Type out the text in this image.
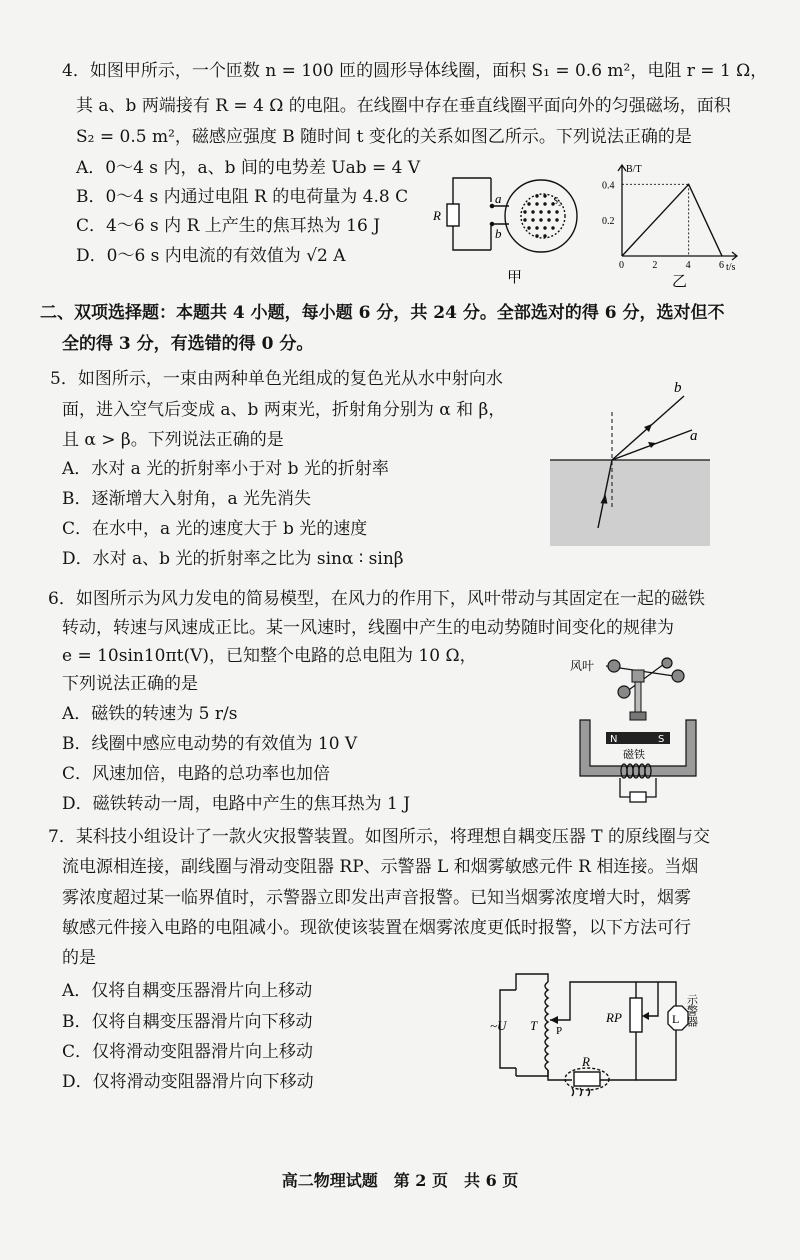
4．如图甲所示，一个匝数 n = 100 匝的圆形导体线圈，面积 S₁ = 0.6 m²，电阻 r = 1 Ω，
其 a、b 两端接有 R = 4 Ω 的电阻。在线圈中存在垂直线圈平面向外的匀强磁场，面积
S₂ = 0.5 m²，磁感应强度 B 随时间 t 变化的关系如图乙所示。下列说法正确的是
A．0～4 s 内，a、b 间的电势差 Uab = 4 V
B．0～4 s 内通过电阻 R 的电荷量为 4.8 C
C．4～6 s 内 R 上产生的焦耳热为 16 J
D．0～6 s 内电流的有效值为 √2 A
R
a
b
S₂
甲
B/T
t/s
0.4
0.2
0	2	4	6
乙
二、双项选择题：本题共 4 小题，每小题 6 分，共 24 分。全部选对的得 6 分，选对但不
全的得 3 分，有选错的得 0 分。
5．如图所示，一束由两种单色光组成的复色光从水中射向水
面，进入空气后变成 a、b 两束光，折射角分别为 α 和 β，
且 α > β。下列说法正确的是
A．水对 a 光的折射率小于对 b 光的折射率
B．逐渐增大入射角，a 光先消失
C．在水中，a 光的速度大于 b 光的速度
D．水对 a、b 光的折射率之比为 sinα ∶ sinβ
b
a
6．如图所示为风力发电的简易模型，在风力的作用下，风叶带动与其固定在一起的磁铁
转动，转速与风速成正比。某一风速时，线圈中产生的电动势随时间变化的规律为
e = 10sin10πt(V)，已知整个电路的总电阻为 10 Ω，
下列说法正确的是
A．磁铁的转速为 5 r/s
B．线圈中感应电动势的有效值为 10 V
C．风速加倍，电路的总功率也加倍
D．磁铁转动一周，电路中产生的焦耳热为 1 J
风叶
N	S
磁铁
7．某科技小组设计了一款火灾报警装置。如图所示，将理想自耦变压器 T 的原线圈与交
流电源相连接，副线圈与滑动变阻器 RP、示警器 L 和烟雾敏感元件 R 相连接。当烟
雾浓度超过某一临界值时，示警器立即发出声音报警。已知当烟雾浓度增大时，烟雾
敏感元件接入电路的电阻减小。现欲使该装置在烟雾浓度更低时报警，以下方法可行
的是
A．仅将自耦变压器滑片向上移动
B．仅将自耦变压器滑片向下移动
C．仅将滑动变阻器滑片向上移动
D．仅将滑动变阻器滑片向下移动
L
~U T P
RP
R
示警器
高二物理试题　第 2 页　共 6 页
